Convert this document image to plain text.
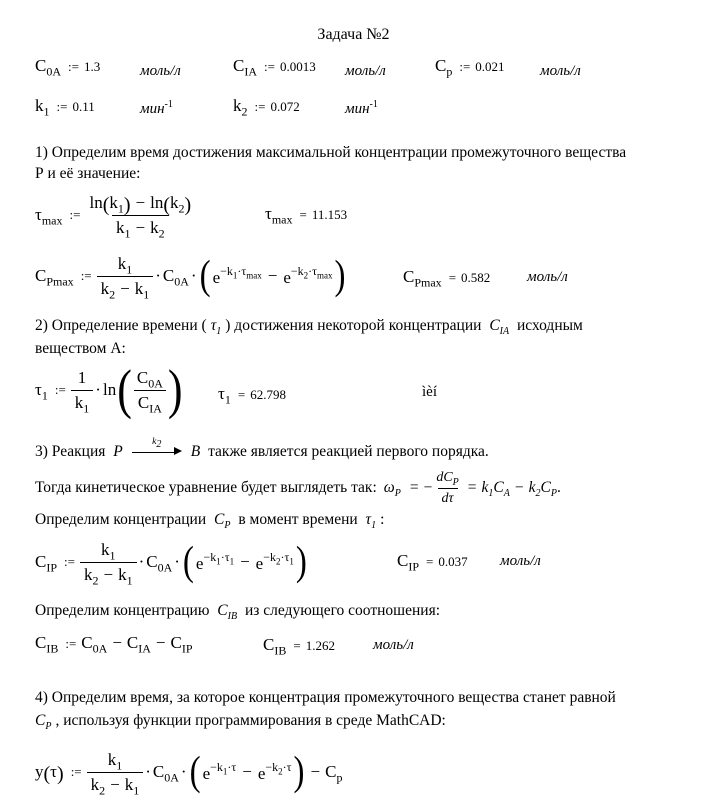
Задача №2
$C_{0A}$ := 1.3	моль/л	$C_{IA}$ := 0.0013 моль/л	$C_p$ := 0.021 моль/л
$k_1$ := 0.11	мин$^{-1}$	$k_2$ := 0.072	мин$^{-1}$
1) Определим время достижения максимальной концентрации промежуточного вещества
Р и её значение:
$\tau_{max}$ := $\frac{\ln(k_1) - \ln(k_2)}{k_1 - k_2}$	$\tau_{max} = 11.153$
$C_{Pmax}$ := $\frac{k_1}{k_2 - k_1} \cdot C_{0A}$ · ( $e^{-k_1\cdot\tau_{max}} - e^{-k_2\cdot\tau_{max}}$ )	$C_{Pmax} = 0.582$ моль/л
2) Определение времени ( $\tau_1$ ) достижения некоторой концентрации $C_{IA}$ исходным
веществом А:
$\tau_1$ := $\frac{1}{k_1} \cdot \ln$ ( $\frac{C_{0A}}{C_{IA}}$ ) $\tau_1 = 62.798$	ìèí
3) Реакция P
$k_2$ B также является реакцией первого порядка.
Тогда кинетическое уравнение будет выглядеть так: $\omega_P$ = − $\frac{dC_P}{d\tau} = k_1C_A - k_2C_P$ .
Определим концентрации $C_P$ в момент времени $\tau_1$ :
$C_{IP}$ := $\frac{k_1}{k_2 - k_1} \cdot C_{0A}$ · ( $e^{-k_1\cdot\tau_1} - e^{-k_2\cdot\tau_1}$ )	$C_{IP} = 0.037$ моль/л
Определим концентрацию $C_{IB}$ из следующего соотношения:
$C_{IB}$ := $C_{0A} - C_{IA} - C_{IP}$	$C_{IB} = 1.262$	моль/л
4) Определим время, за которое концентрация промежуточного вещества станет равной
$C_P$ , используя функции программирования в среде MathCAD:
y(τ) := $\frac{k_1}{k_2 - k_1} \cdot C_{0A}$ · ( $e^{-k_1\cdot\tau} - e^{-k_2\cdot\tau}$ ) − $C_p$
